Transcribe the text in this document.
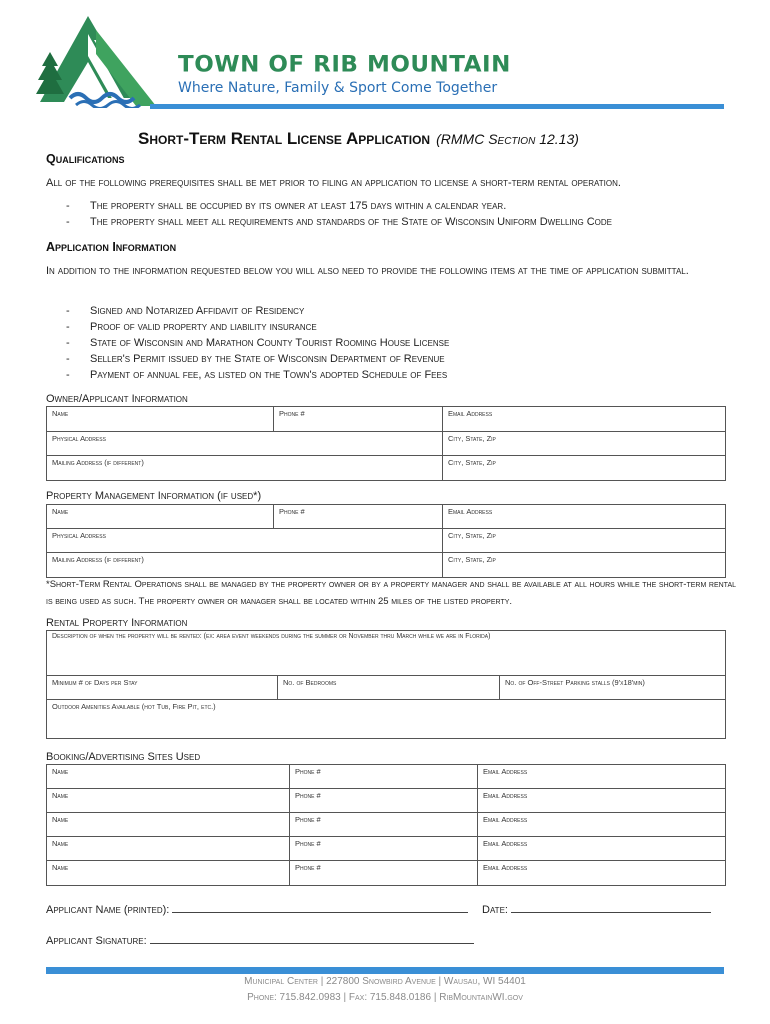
TOWN OF RIB MOUNTAIN
Where Nature, Family & Sport Come Together
Short-Term Rental License Application (RMMC Section 12.13)
Qualifications
All of the following prerequisites shall be met prior to filing an application to license a short-term rental operation.
- The property shall be occupied by its owner at least 175 days within a calendar year.
- The property shall meet all requirements and standards of the State of Wisconsin Uniform Dwelling Code
Application Information
In addition to the information requested below you will also need to provide the following items at the time of application submittal.
- Signed and Notarized Affidavit of Residency
- Proof of valid property and liability insurance
- State of Wisconsin and Marathon County Tourist Rooming House License
- Seller's Permit issued by the State of Wisconsin Department of Revenue
- Payment of annual fee, as listed on the Town's adopted Schedule of Fees
Owner/Applicant Information
Name	Phone #	Email Address
Physical Address	City, State, Zip
Mailing Address (if different)	City, State, Zip
Property Management Information (if used*)
Name	Phone #	Email Address
Physical Address	City, State, Zip
Mailing Address (if different)	City, State, Zip
*Short-Term Rental Operations shall be managed by the property owner or by a property manager and shall be available at all hours while the short-term rental is being used as such. The property owner or manager shall be located within 25 miles of the listed property.
Rental Property Information
Description of when the property will be rented: (ex: area event weekends during the summer or November thru March while we are in Florida)
Minimum # of Days per Stay	No. of Bedrooms	No. of Off-Street Parking stalls (9'x18'min)
Outdoor Amenities Available (hot Tub, Fire Pit, etc.)
Booking/Advertising Sites Used
Name	Phone #	Email Address
Name	Phone #	Email Address
Name	Phone #	Email Address
Name	Phone #	Email Address
Name	Phone #	Email Address
Applicant Name (printed):	Date:
Applicant Signature:
Municipal Center | 227800 Snowbird Avenue | Wausau, WI 54401
Phone: 715.842.0983 | Fax: 715.848.0186 | RibMountainWI.gov
